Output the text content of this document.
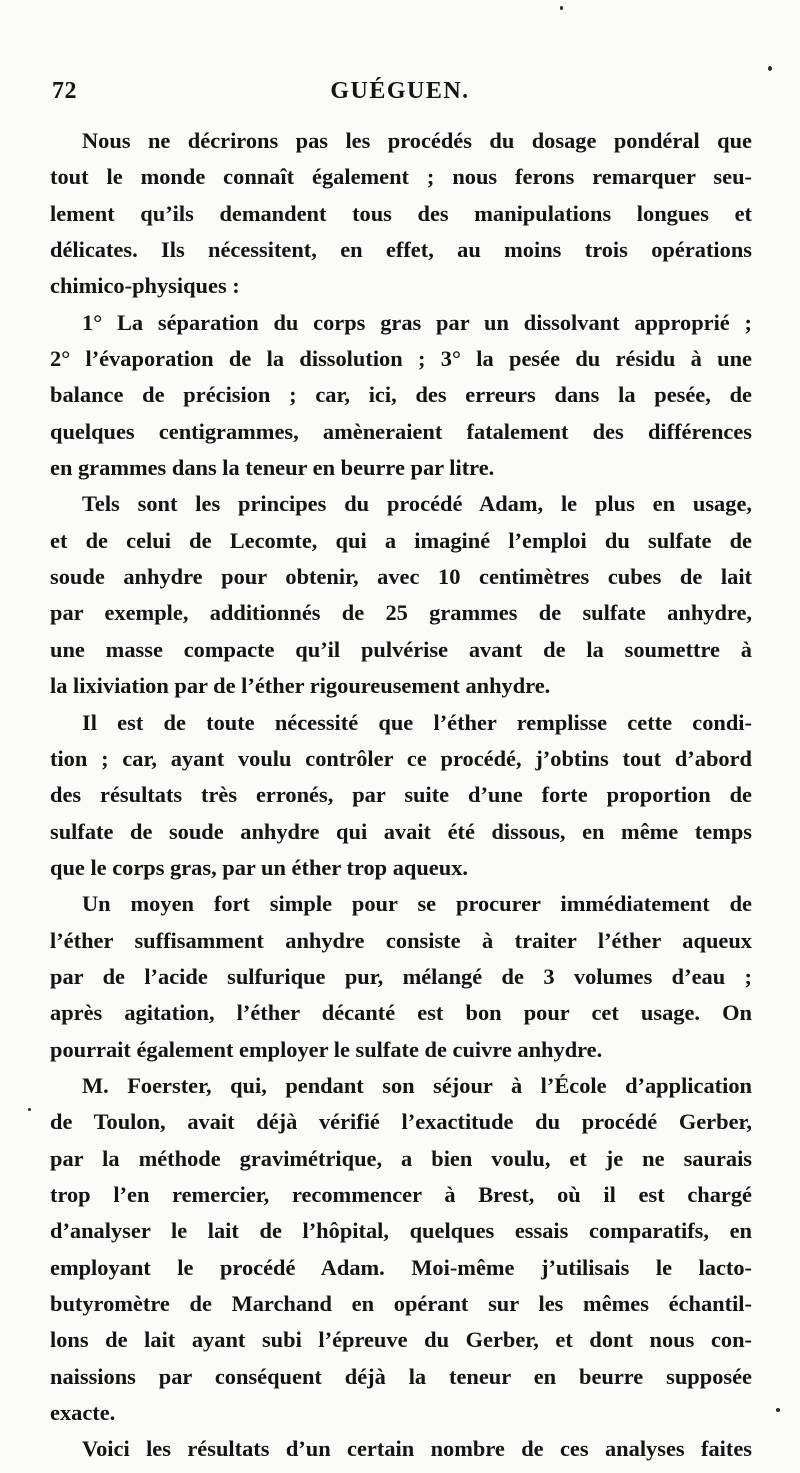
72	GUÉGUEN.
Nous ne décrirons pas les procédés du dosage pondéral que
tout le monde connaît également ; nous ferons remarquer seu-
lement qu’ils demandent tous des manipulations longues et
délicates. Ils nécessitent, en effet, au moins trois opérations
chimico-physiques :
1° La séparation du corps gras par un dissolvant approprié ;
2° l’évaporation de la dissolution ; 3° la pesée du résidu à une
balance de précision ; car, ici, des erreurs dans la pesée, de
quelques centigrammes, amèneraient fatalement des différences
en grammes dans la teneur en beurre par litre.
Tels sont les principes du procédé Adam, le plus en usage,
et de celui de Lecomte, qui a imaginé l’emploi du sulfate de
soude anhydre pour obtenir, avec 10 centimètres cubes de lait
par exemple, additionnés de 25 grammes de sulfate anhydre,
une masse compacte qu’il pulvérise avant de la soumettre à
la lixiviation par de l’éther rigoureusement anhydre.
Il est de toute nécessité que l’éther remplisse cette condi-
tion ; car, ayant voulu contrôler ce procédé, j’obtins tout d’abord
des résultats très erronés, par suite d’une forte proportion de
sulfate de soude anhydre qui avait été dissous, en même temps
que le corps gras, par un éther trop aqueux.
Un moyen fort simple pour se procurer immédiatement de
l’éther suffisamment anhydre consiste à traiter l’éther aqueux
par de l’acide sulfurique pur, mélangé de 3 volumes d’eau ;
après agitation, l’éther décanté est bon pour cet usage. On
pourrait également employer le sulfate de cuivre anhydre.
M. Foerster, qui, pendant son séjour à l’École d’application
de Toulon, avait déjà vérifié l’exactitude du procédé Gerber,
par la méthode gravimétrique, a bien voulu, et je ne saurais
trop l’en remercier, recommencer à Brest, où il est chargé
d’analyser le lait de l’hôpital, quelques essais comparatifs, en
employant le procédé Adam. Moi-même j’utilisais le lacto-
butyromètre de Marchand en opérant sur les mêmes échantil-
lons de lait ayant subi l’épreuve du Gerber, et dont nous con-
naissions par conséquent déjà la teneur en beurre supposée
exacte.
Voici les résultats d’un certain nombre de ces analyses faites
